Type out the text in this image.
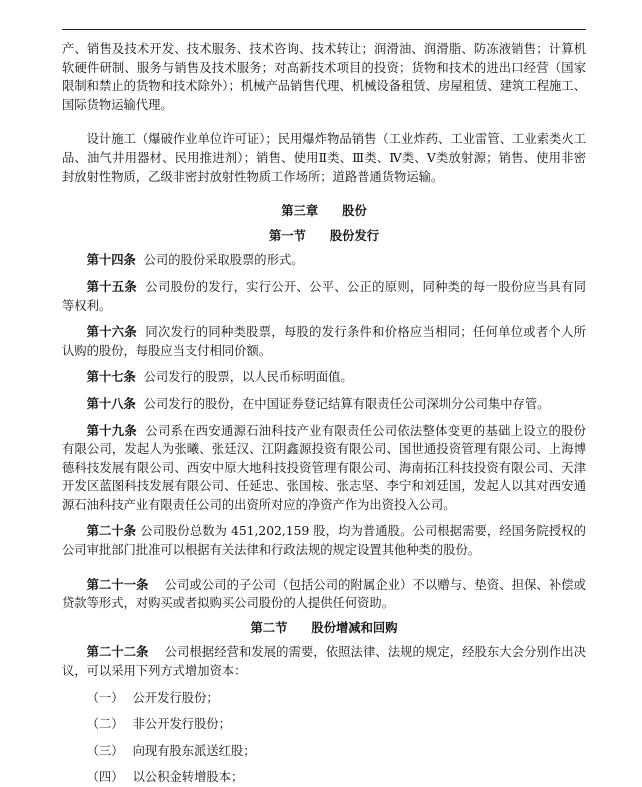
产、销售及技术开发、技术服务、技术咨询、技术转让；润滑油、润滑脂、防冻液销售；计算机软硬件研制、服务与销售及技术服务；对高新技术项目的投资；货物和技术的进出口经营（国家限制和禁止的货物和技术除外）；机械产品销售代理、机械设备租赁、房屋租赁、建筑工程施工、国际货物运输代理。

设计施工（爆破作业单位许可证）；民用爆炸物品销售（工业炸药、工业雷管、工业索类火工品、油气井用器材、民用推进剂）；销售、使用Ⅱ类、Ⅲ类、Ⅳ类、Ⅴ类放射源；销售、使用非密封放射性物质，乙级非密封放射性物质工作场所；道路普通货物运输。

第三章 股份

第一节 股份发行

第十四条 公司的股份采取股票的形式。

第十五条 公司股份的发行，实行公开、公平、公正的原则，同种类的每一股份应当具有同等权利。

第十六条 同次发行的同种类股票，每股的发行条件和价格应当相同；任何单位或者个人所认购的股份，每股应当支付相同价额。

第十七条 公司发行的股票，以人民币标明面值。

第十八条 公司发行的股份，在中国证券登记结算有限责任公司深圳分公司集中存管。

第十九条 公司系在西安通源石油科技产业有限责任公司依法整体变更的基础上设立的股份有限公司，发起人为张曦、张廷汉、江阴鑫源投资有限公司、国世通投资管理有限公司、上海博德科技发展有限公司、西安中原大地科技投资管理有限公司、海南拓江科技投资有限公司、天津开发区蓝图科技发展有限公司、任延忠、张国桉、张志坚、李宁和刘廷国，发起人以其对西安通源石油科技产业有限责任公司的出资所对应的净资产作为出资投入公司。

第二十条 公司股份总数为 451,202,159 股，均为普通股。公司根据需要，经国务院授权的公司审批部门批准可以根据有关法律和行政法规的规定设置其他种类的股份。

第二十一条 公司或公司的子公司（包括公司的附属企业）不以赠与、垫资、担保、补偿或贷款等形式，对购买或者拟购买公司股份的人提供任何资助。

第二节 股份增减和回购

第二十二条 公司根据经营和发展的需要，依照法律、法规的规定，经股东大会分别作出决议，可以采用下列方式增加资本：

（一） 公开发行股份；

（二） 非公开发行股份；

（三） 向现有股东派送红股；

（四） 以公积金转增股本；
